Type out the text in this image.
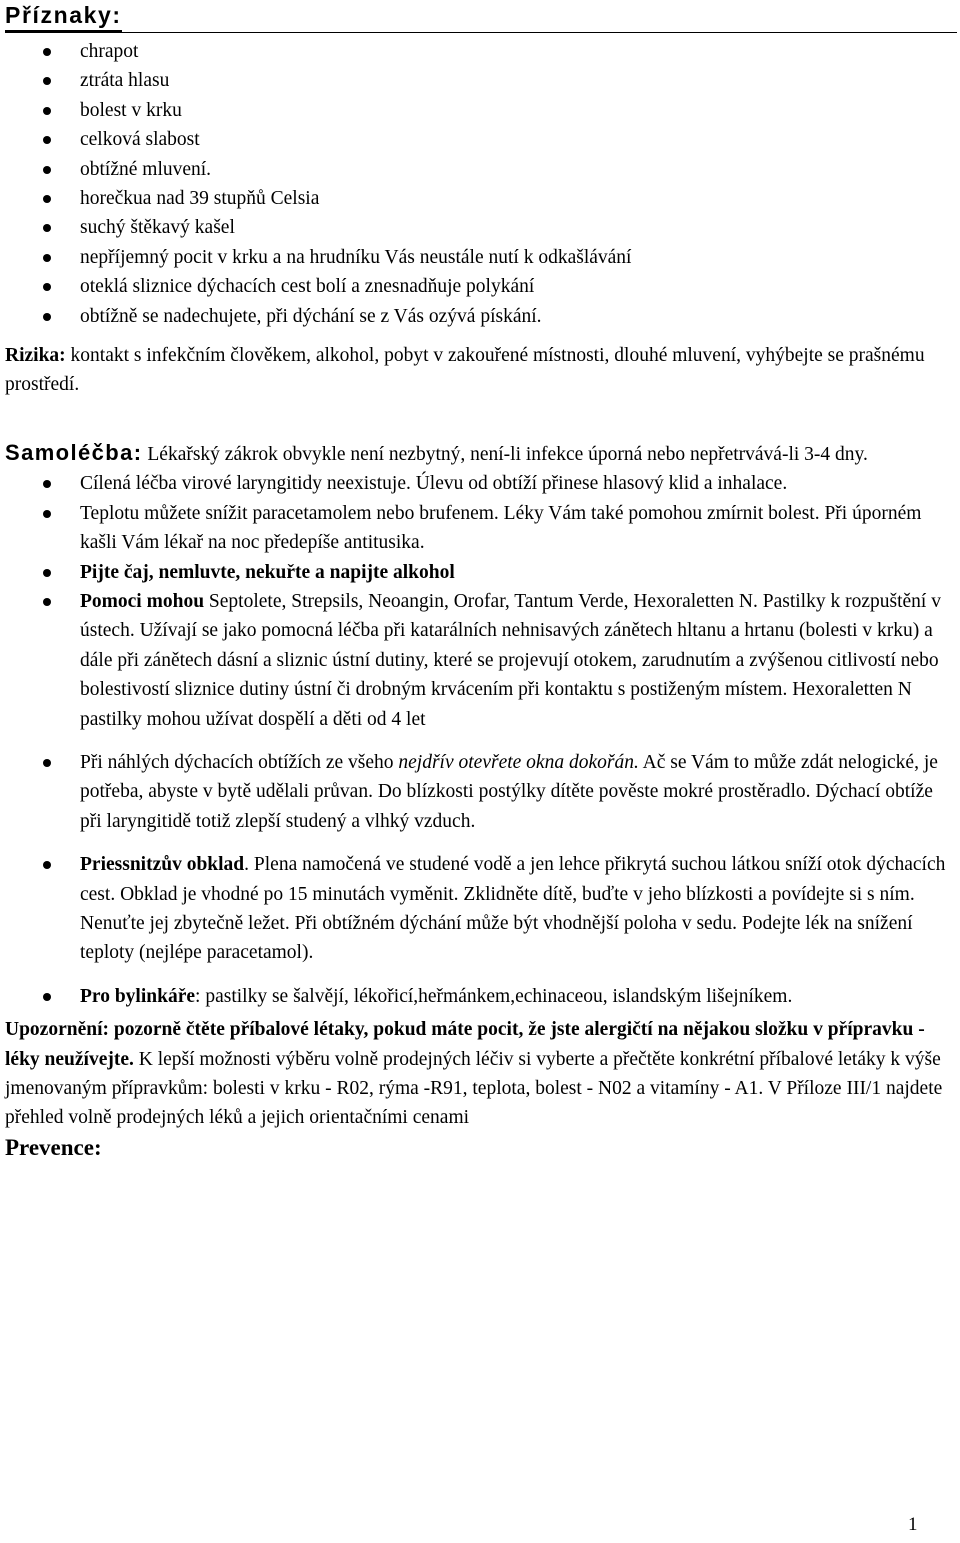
Příznaky:
chrapot
ztráta hlasu
bolest v krku
celková slabost
obtížné mluvení.
horečkua nad 39 stupňů Celsia
suchý štěkavý kašel
nepříjemný pocit v krku a na hrudníku Vás neustále nutí k odkašlávání
oteklá sliznice dýchacích cest bolí a znesnadňuje polykání
obtížně se nadechujete, při dýchání se z Vás ozývá pískání.

Rizika: kontakt s infekčním člověkem, alkohol, pobyt v zakouřené místnosti, dlouhé mluvení, vyhýbejte se prašnému prostředí.

Samoléčba: Lékařský zákrok obvykle není nezbytný, není-li infekce úporná nebo nepřetrvává-li 3-4 dny.

Cílená léčba virové laryngitidy neexistuje. Úlevu od obtíží přinese hlasový klid a inhalace.
Teplotu můžete snížit paracetamolem nebo brufenem. Léky Vám také pomohou zmírnit bolest. Při úporném kašli Vám lékař na noc předepíše antitusika.
Pijte čaj, nemluvte, nekuřte a napijte alkohol
Pomoci mohou Septolete, Strepsils, Neoangin, Orofar, Tantum Verde, Hexoraletten N. Pastilky k rozpuštění v ústech. Užívají se jako pomocná léčba při katarálních nehnisavých zánětech hltanu a hrtanu (bolesti v krku) a dále při zánětech dásní a sliznic ústní dutiny, které se projevují otokem, zarudnutím a zvýšenou citlivostí nebo bolestivostí sliznice dutiny ústní či drobným krvácením při kontaktu s postiženým místem. Hexoraletten N pastilky mohou užívat dospělí a děti od 4 let
Při náhlých dýchacích obtížích ze všeho nejdřív otevřete okna dokořán. Ač se Vám to může zdát nelogické, je potřeba, abyste v bytě udělali průvan. Do blízkosti postýlky dítěte pověste mokré prostěradlo. Dýchací obtíže při laryngitidě totiž zlepší studený a vlhký vzduch.
Priessnitzův obklad. Plena namočená ve studené vodě a jen lehce přikrytá suchou látkou sníží otok dýchacích cest. Obklad je vhodné po 15 minutách vyměnit. Zklidněte dítě, buďte v jeho blízkosti a povídejte si s ním. Nenuťte jej zbytečně ležet. Při obtížném dýchání může být vhodnější poloha v sedu. Podejte lék na snížení teploty (nejlépe paracetamol).
Pro bylinkáře: pastilky se šalvějí, lékořicí,heřmánkem,echinaceou, islandským lišejníkem.

Upozornění: pozorně čtěte příbalové létaky, pokud máte pocit, že jste alergičtí na nějakou složku v přípravku - léky neužívejte. K lepší možnosti výběru volně prodejných léčiv si vyberte a přečtěte konkrétní příbalové letáky k výše jmenovaným přípravkům: bolesti v krku - R02, rýma -R91, teplota, bolest - N02 a vitamíny - A1. V Příloze III/1 najdete přehled volně prodejných léků a jejich orientačními cenami

Prevence:

1
